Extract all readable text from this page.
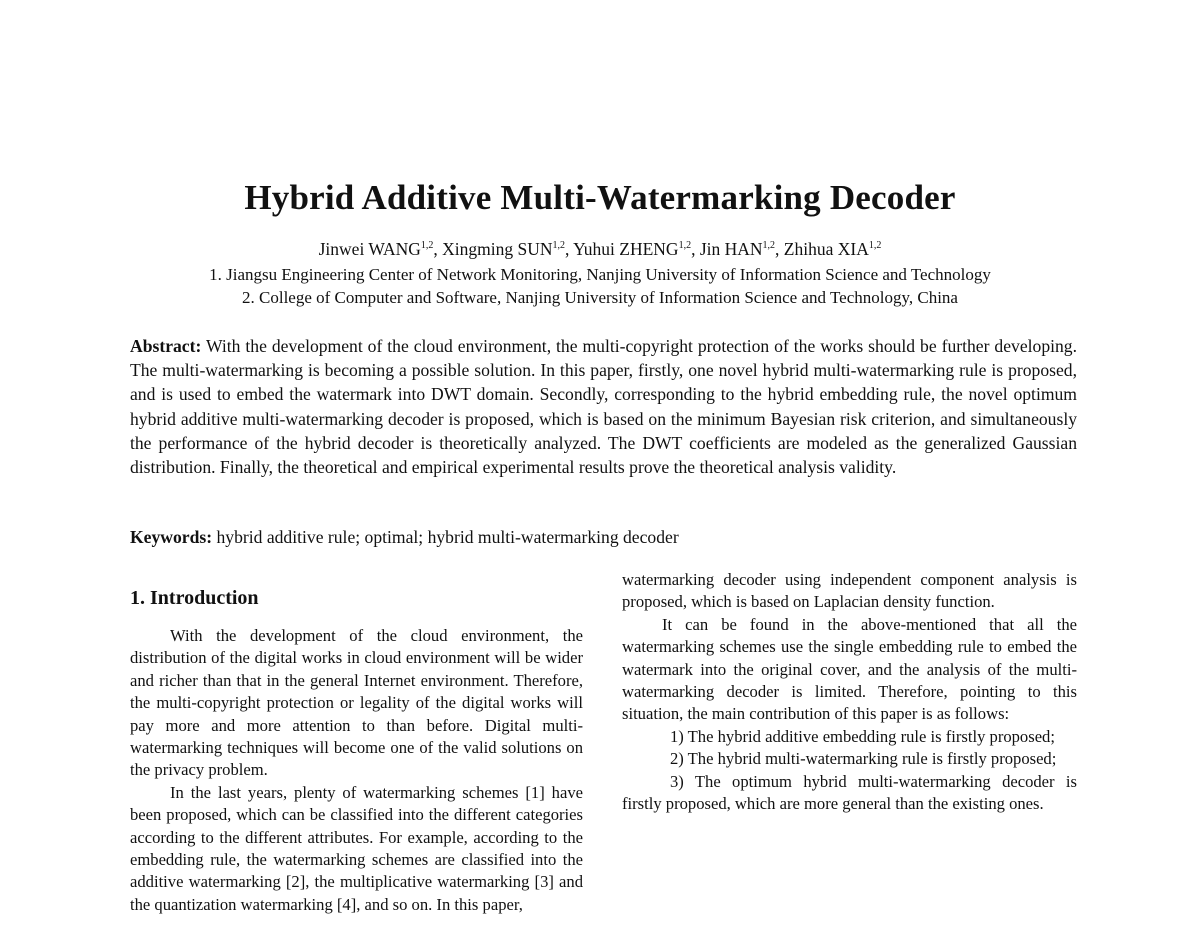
Hybrid Additive Multi-Watermarking Decoder
Jinwei WANG$^{1,2}$, Xingming SUN$^{1,2}$, Yuhui ZHENG$^{1,2}$, Jin HAN$^{1,2}$, Zhihua XIA$^{1,2}$
1. Jiangsu Engineering Center of Network Monitoring, Nanjing University of Information Science and Technology
2. College of Computer and Software, Nanjing University of Information Science and Technology, China
Abstract: With the development of the cloud environment, the multi-copyright protection of the works should be further developing. The multi-watermarking is becoming a possible solution. In this paper, firstly, one novel hybrid multi-watermarking rule is proposed, and is used to embed the watermark into DWT domain. Secondly, corresponding to the hybrid embedding rule, the novel optimum hybrid additive multi-watermarking decoder is proposed, which is based on the minimum Bayesian risk criterion, and simultaneously the performance of the hybrid decoder is theoretically analyzed. The DWT coefficients are modeled as the generalized Gaussian distribution. Finally, the theoretical and empirical experimental results prove the theoretical analysis validity.
Keywords: hybrid additive rule; optimal; hybrid multi-watermarking decoder
1. Introduction

With the development of the cloud environment, the distribution of the digital works in cloud environment will be wider and richer than that in the general Internet environment. Therefore, the multi-copyright protection or legality of the digital works will pay more and more attention to than before. Digital multi-watermarking techniques will become one of the valid solutions on the privacy problem.

In the last years, plenty of watermarking schemes [1] have been proposed, which can be classified into the different categories according to the different attributes. For example, according to the embedding rule, the watermarking schemes are classified into the additive watermarking [2], the multiplicative watermarking [3] and the quantization watermarking [4], and so on. In this paper,

watermarking decoder using independent component analysis is proposed, which is based on Laplacian density function.

It can be found in the above-mentioned that all the watermarking schemes use the single embedding rule to embed the watermark into the original cover, and the analysis of the multi-watermarking decoder is limited. Therefore, pointing to this situation, the main contribution of this paper is as follows:

1) The hybrid additive embedding rule is firstly proposed;

2) The hybrid multi-watermarking rule is firstly proposed;

3) The optimum hybrid multi-watermarking decoder is firstly proposed, which are more general than the existing ones.
